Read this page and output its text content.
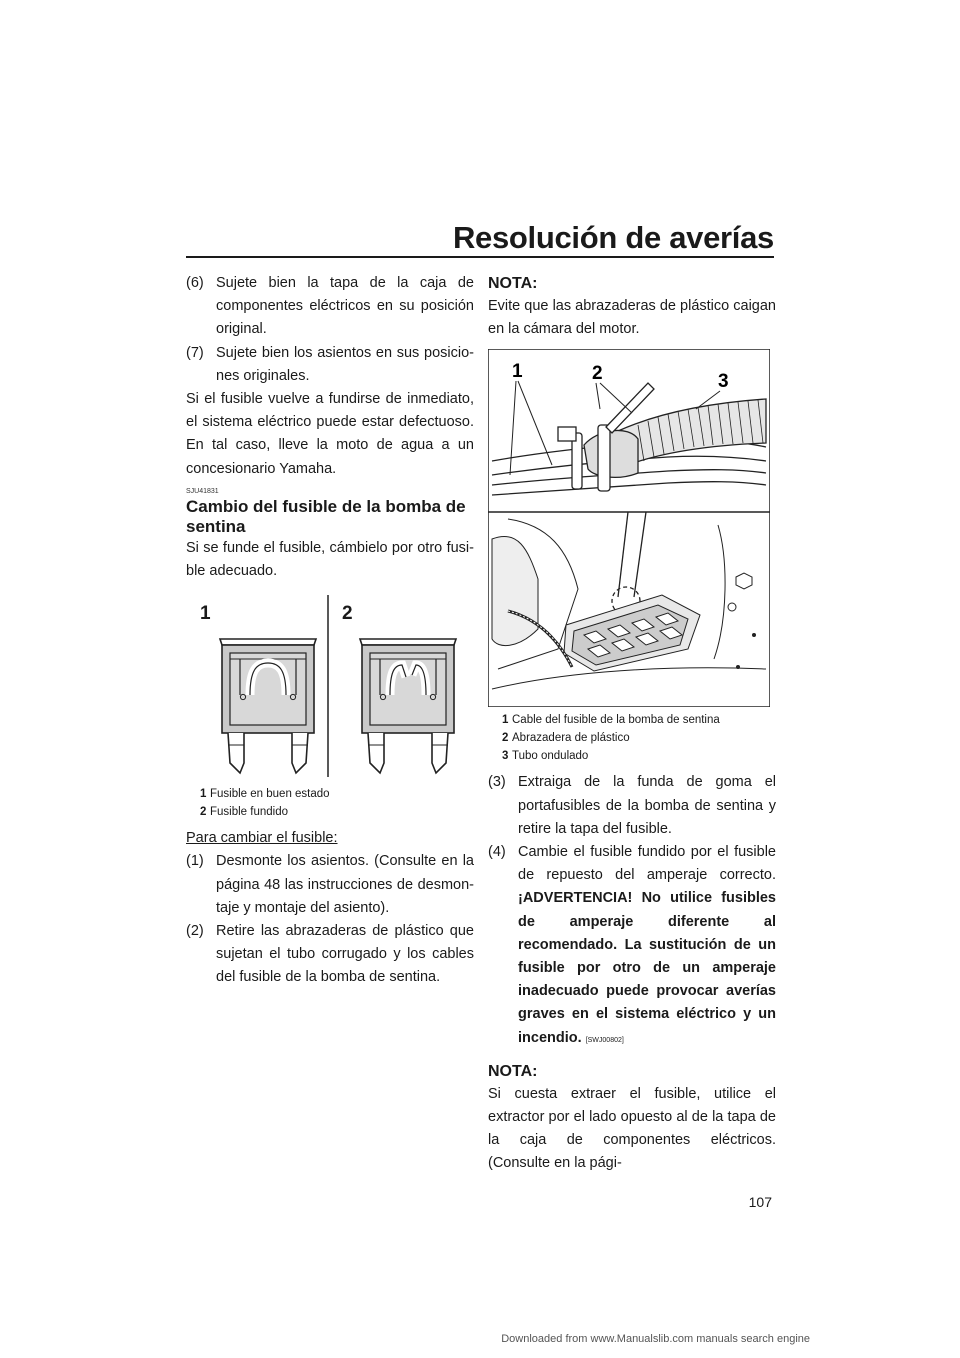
Resolución de averías
(6) Sujete bien la tapa de la caja de componentes eléctricos en su posición original.
(7) Sujete bien los asientos en sus posiciones originales.

Si el fusible vuelve a fundirse de inmediato, el sistema eléctrico puede estar defectuoso. En tal caso, lleve la moto de agua a un concesionario Yamaha.

SJU41831
Cambio del fusible de la bomba de sentina

Si se funde el fusible, cámbielo por otro fusible adecuado.

1	2
1 Fusible en buen estado
2 Fusible fundido

Para cambiar el fusible:

(1) Desmonte los asientos. (Consulte en la página 48 las instrucciones de desmontaje y montaje del asiento).
(2) Retire las abrazaderas de plástico que sujetan el tubo corrugado y los cables del fusible de la bomba de sentina.
NOTA:

Evite que las abrazaderas de plástico caigan en la cámara del motor.

1	2	3
1 Cable del fusible de la bomba de sentina
2 Abrazadera de plástico
3 Tubo ondulado
(3) Extraiga de la funda de goma el portafusibles de la bomba de sentina y retire la tapa del fusible.
(4) Cambie el fusible fundido por el fusible de repuesto del amperaje correcto. ¡ADVERTENCIA! No utilice fusibles de amperaje diferente al recomendado. La sustitución de un fusible por otro de un amperaje inadecuado puede provocar averías graves en el sistema eléctrico y un incendio. [SWJ00802]
NOTA:

Si cuesta extraer el fusible, utilice el extractor por el lado opuesto al de la tapa de la caja de componentes eléctricos. (Consulte en la pági-

107
Downloaded from www.Manualslib.com manuals search engine
